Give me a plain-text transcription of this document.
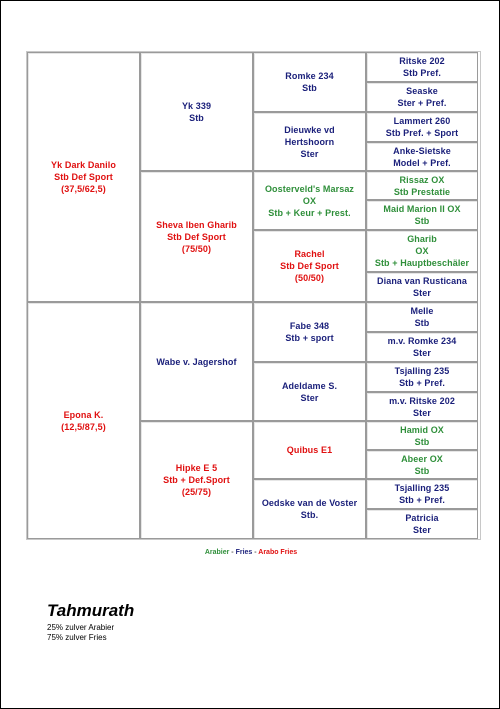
Yk Dark Danilo
Stb Def Sport
(37,5/62,5)
Epona K.
(12,5/87,5)
Yk 339
Stb
Sheva Iben Gharib
Stb Def Sport
(75/50)
Wabe v. Jagershof
Hipke E 5
Stb + Def.Sport
(25/75)
Romke 234
Stb
Dieuwke vd
Hertshoorn
Ster
Oosterveld's Marsaz
OX
Stb + Keur + Prest.
Rachel
Stb Def Sport
(50/50)
Fabe 348
Stb + sport
Adeldame S.
Ster
Quibus E1
Oedske van de Voster
Stb.
Ritske 202
Stb Pref.
Seaske
Ster + Pref.
Lammert 260
Stb Pref. + Sport
Anke-Sietske
Model + Pref.
Rissaz OX
Stb Prestatie
Maid Marion II OX
Stb
Gharib
OX
Stb + Hauptbeschäler
Diana van Rusticana
Ster
Melle
Stb
m.v. Romke 234
Ster
Tsjalling 235
Stb + Pref.
m.v. Ritske 202
Ster
Hamid OX
Stb
Abeer OX
Stb
Tsjalling 235
Stb + Pref.
Patricia
Ster
Arabier - Fries - Arabo Fries
Tahmurath
25% zulver Arabier
75% zulver Fries
